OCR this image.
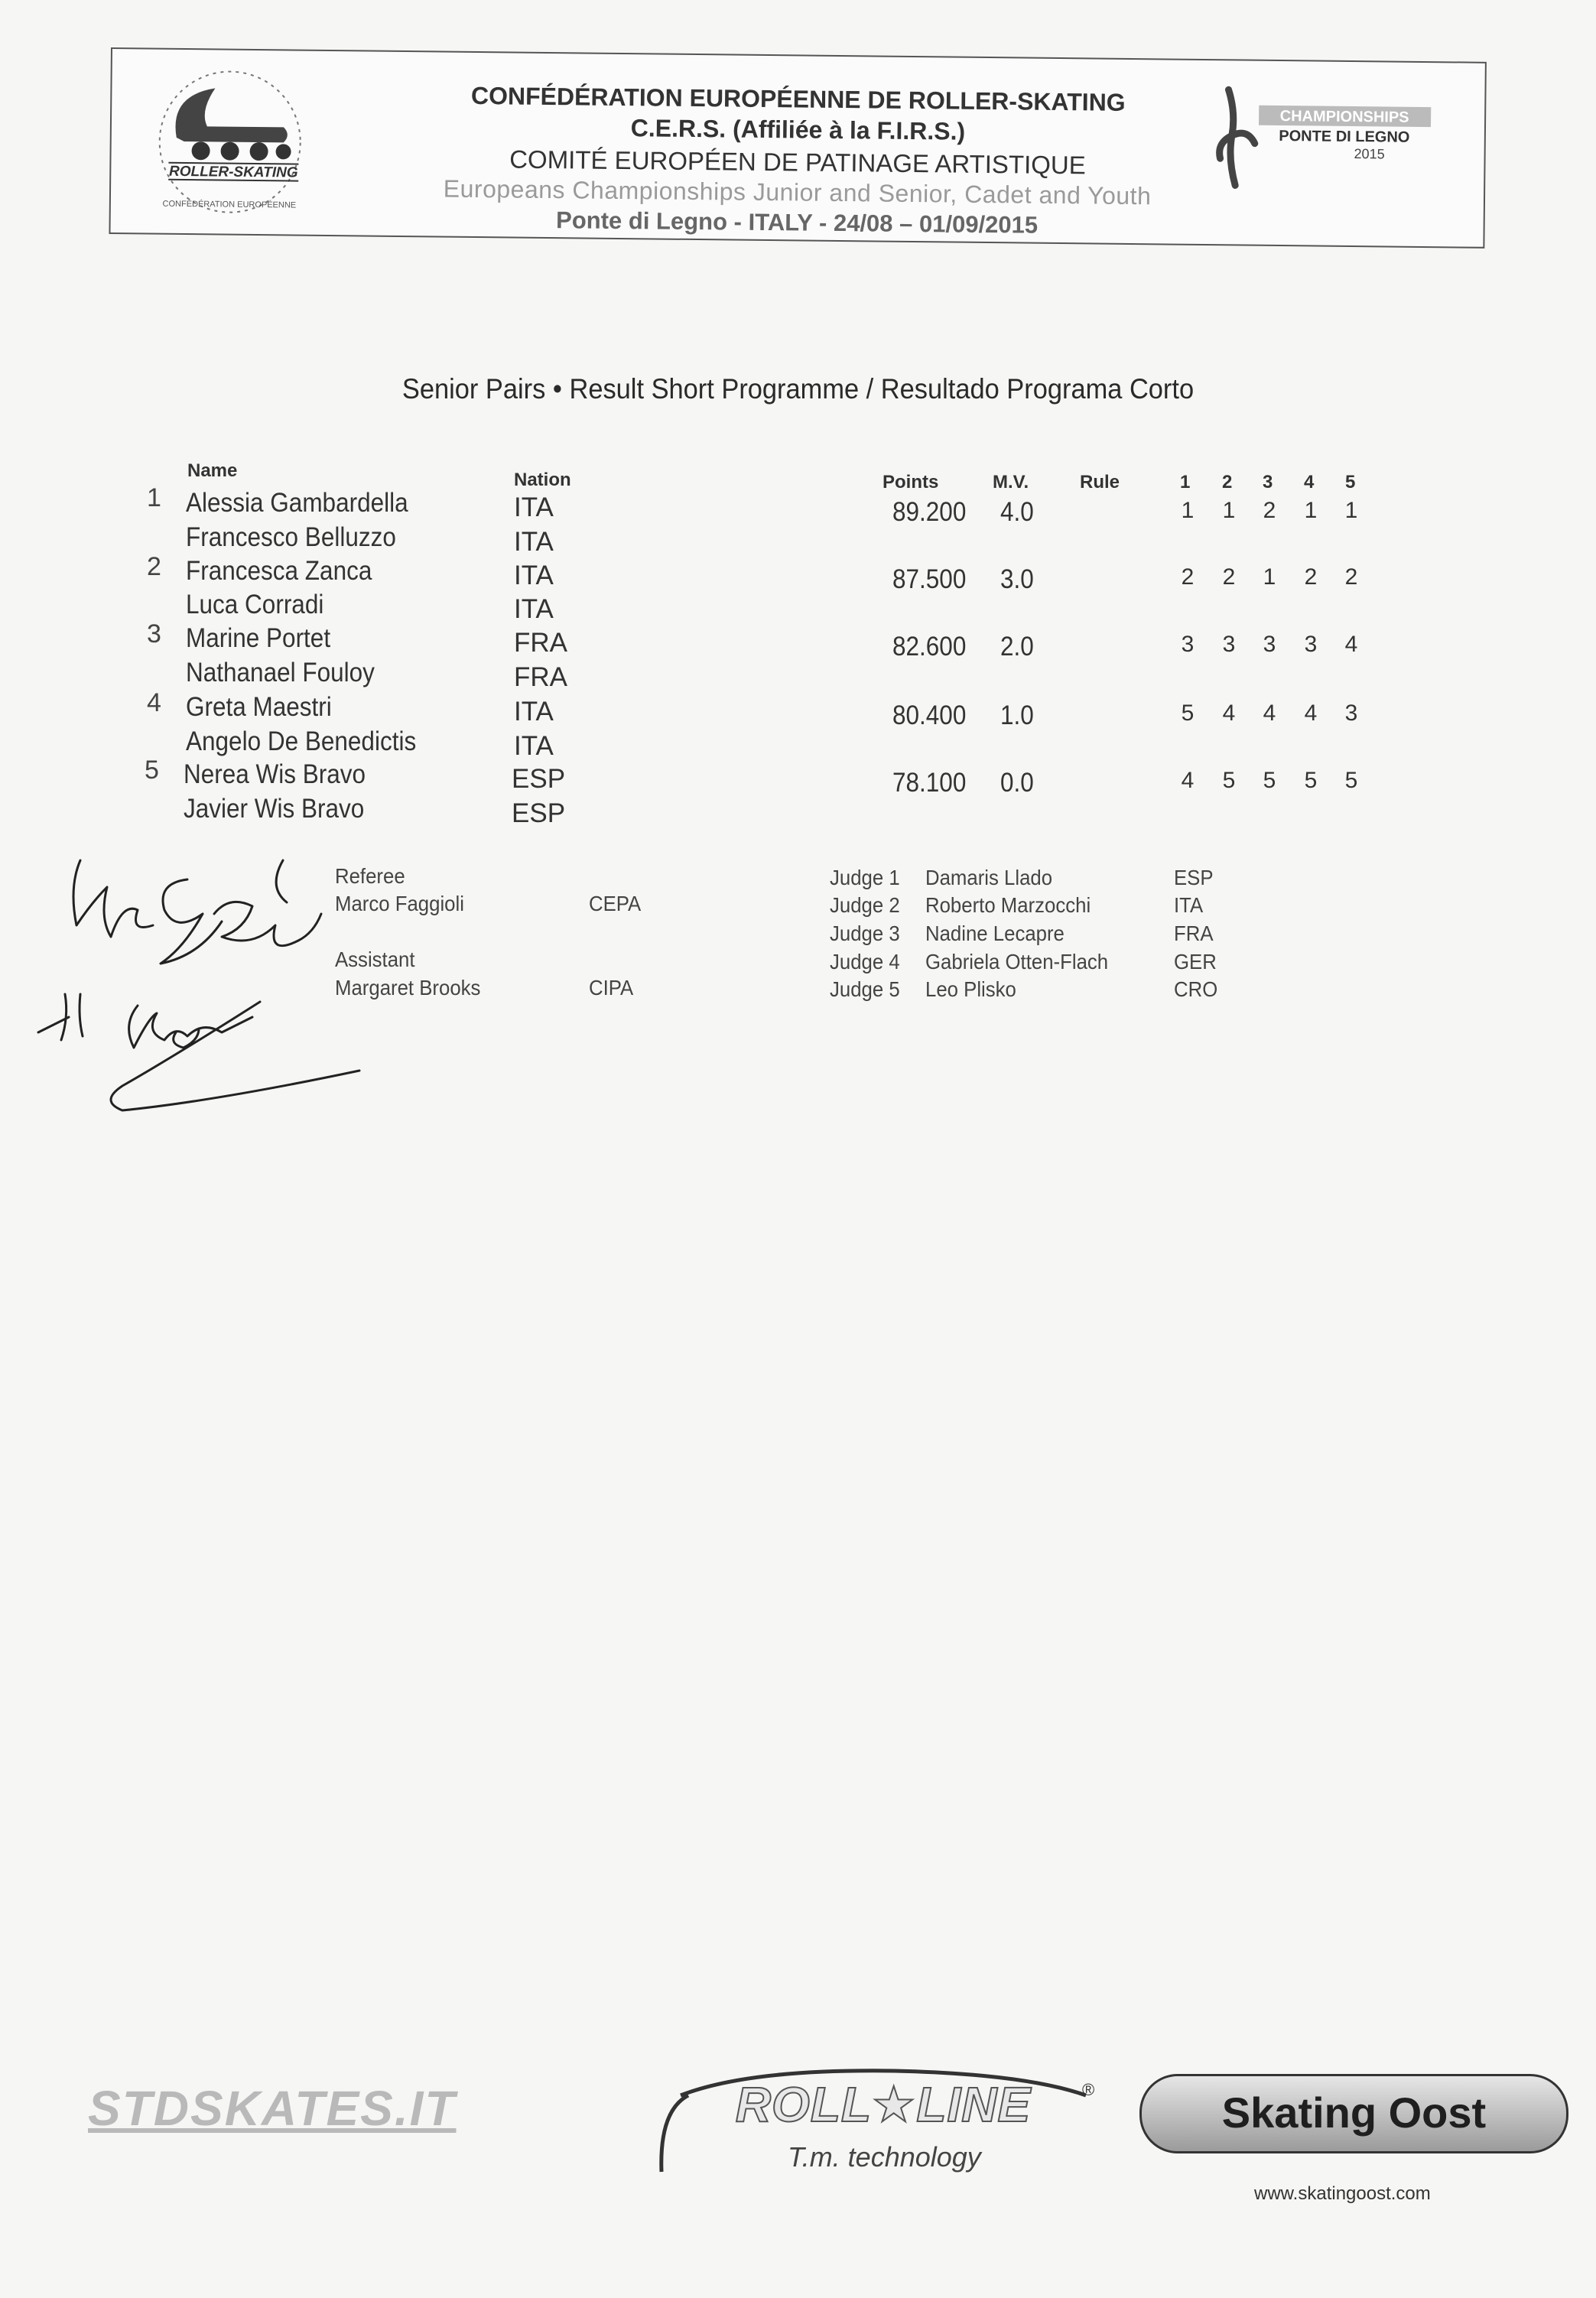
ROLLER-SKATING
CONFÉDÉRATION EUROPÉENNE
CONFÉDÉRATION EUROPÉENNE DE ROLLER-SKATING
C.E.R.S. (Affiliée à la F.I.R.S.)
COMITÉ EUROPÉEN DE PATINAGE ARTISTIQUE
Europeans Championships Junior and Senior, Cadet and Youth
Ponte di Legno - ITALY - 24/08 – 01/09/2015
CHAMPIONSHIPS
PONTE DI LEGNO
2015
Senior Pairs • Result Short Programme / Resultado Programa Corto
Name	Nation	Points	M.V.	Rule	1 2 3 4 5
1 Alessia Gambardella	ITA
Francesco Belluzzo	ITA
89.200 4.0	1 1 2 1 1
2 Francesca Zanca	ITA
Luca Corradi	ITA
87.500 3.0	2 2 1 2 2
3 Marine Portet	FRA
Nathanael Fouloy	FRA
82.600 2.0	3 3 3 3 4
4 Greta Maestri	ITA
Angelo De Benedictis	ITA
80.400 1.0	5 4 4 4 3
5 Nerea Wis Bravo	ESP
Javier Wis Bravo	ESP
78.100 0.0	4 5 5 5 5
Referee
Marco Faggioli	CEPA
Assistant
Margaret Brooks	CIPA
Judge 1 Damaris Llado	ESP
Judge 2 Roberto Marzocchi	ITA
Judge 3 Nadine Lecapre	FRA
Judge 4 Gabriela Otten-Flach	GER
Judge 5 Leo Plisko	CRO
STDSKATES.IT	®
ROLL★LINE
T.m. technology
Skating Oost
www.skatingoost.com
